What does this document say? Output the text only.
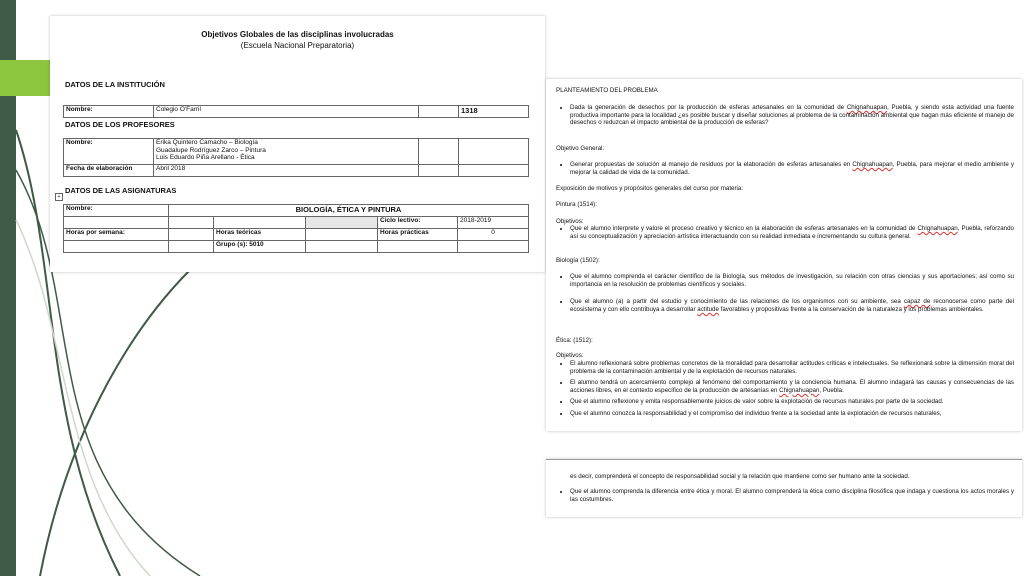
Objetivos Globales de las disciplinas involucradas
(Escuela Nacional Preparatoria)
DATOS DE LA INSTITUCIÓN
Nombre:	Colegio O'Farril		1318
DATOS DE LOS PROFESORES
Nombre:	Erika Quintero Camacho – Biología
Guadalupe Rodríguez Zarco – Pintura
Luis Eduardo Piña Arellano - Ética		

Fecha de elaboración	Abril 2018		
DATOS DE LAS ASIGNATURAS
Nombre:	BIOLOGÍA, ÉTICA Y PINTURA				
				Ciclo lectivo:	2018-2019
Horas por semana:		Horas teóricas		Horas prácticas	0
		Grupo (s): 5010			
+
PLANTEAMIENTO DEL PROBLEMA
• Dada la generación de desechos por la producción de esferas artesanales en la comunidad de Chignahuapan, Puebla, y siendo esta actividad una fuente productiva importante para la localidad ¿es posible buscar y diseñar soluciones al problema de la contaminación ambiental que hagan más eficiente el manejo de desechos o reduzcan el impacto ambiental de la producción de esferas?
Objetivo General:
• Generar propuestas de solución al manejo de residuos por la elaboración de esferas artesanales en Chignahuapan, Puebla, para mejorar el medio ambiente y mejorar la calidad de vida de la comunidad.
Exposición de motivos y propósitos generales del curso por materia:
Pintura (1514):
Objetivos:
• Que el alumno interprete y valore el proceso creativo y técnico en la elaboración de esferas artesanales en la comunidad de Chignahuapan, Puebla, reforzando así su conceptualización y apreciación artística interactuando con su realidad inmediata e incrementando su cultura general.
Biología (1502):
• Que el alumno comprenda el carácter científico de la Biología, sus métodos de investigación, su relación con otras ciencias y sus aportaciones; así como su importancia en la resolución de problemas científicos y sociales.
• Que el alumno (a) a partir del estudio y conocimiento de las relaciones de los organismos con su ambiente, sea capaz de reconocerse como parte del ecosistema y con ello contribuya a desarrollar actitude favorables y propositivas frente a la conservación de la naturaleza y los problemas ambientales.
Ética: (1512):
Objetivos:
• El alumno reflexionará sobre problemas concretos de la moralidad para desarrollar actitudes críticas e intelectuales. Se reflexionará sobre la dimensión moral del problema de la contaminación ambiental y de la explotación de recursos naturales.
• El alumno tendrá un acercamiento complejo al fenómeno del comportamiento y la conciencia humana. El alumno indagará las causas y consecuencias de las acciones libres, en el contexto específico de la producción de artesanías en Chignahuapan, Puebla.
• Que el alumno reflexione y emita responsablemente juicios de valor sobre la explotación de recursos naturales por parte de la sociedad.
• Que el alumno conozca la responsabilidad y el compromiso del individuo frente a la sociedad ante la explotación de recursos naturales,
es decir, comprenderá el concepto de responsabilidad social y la relación que mantiene como ser humano ante la sociedad.
• Que el alumno comprenda la diferencia entre ética y moral. El alumno comprenderá la ética como disciplina filosófica que indaga y cuestiona los actos morales y las costumbres.
